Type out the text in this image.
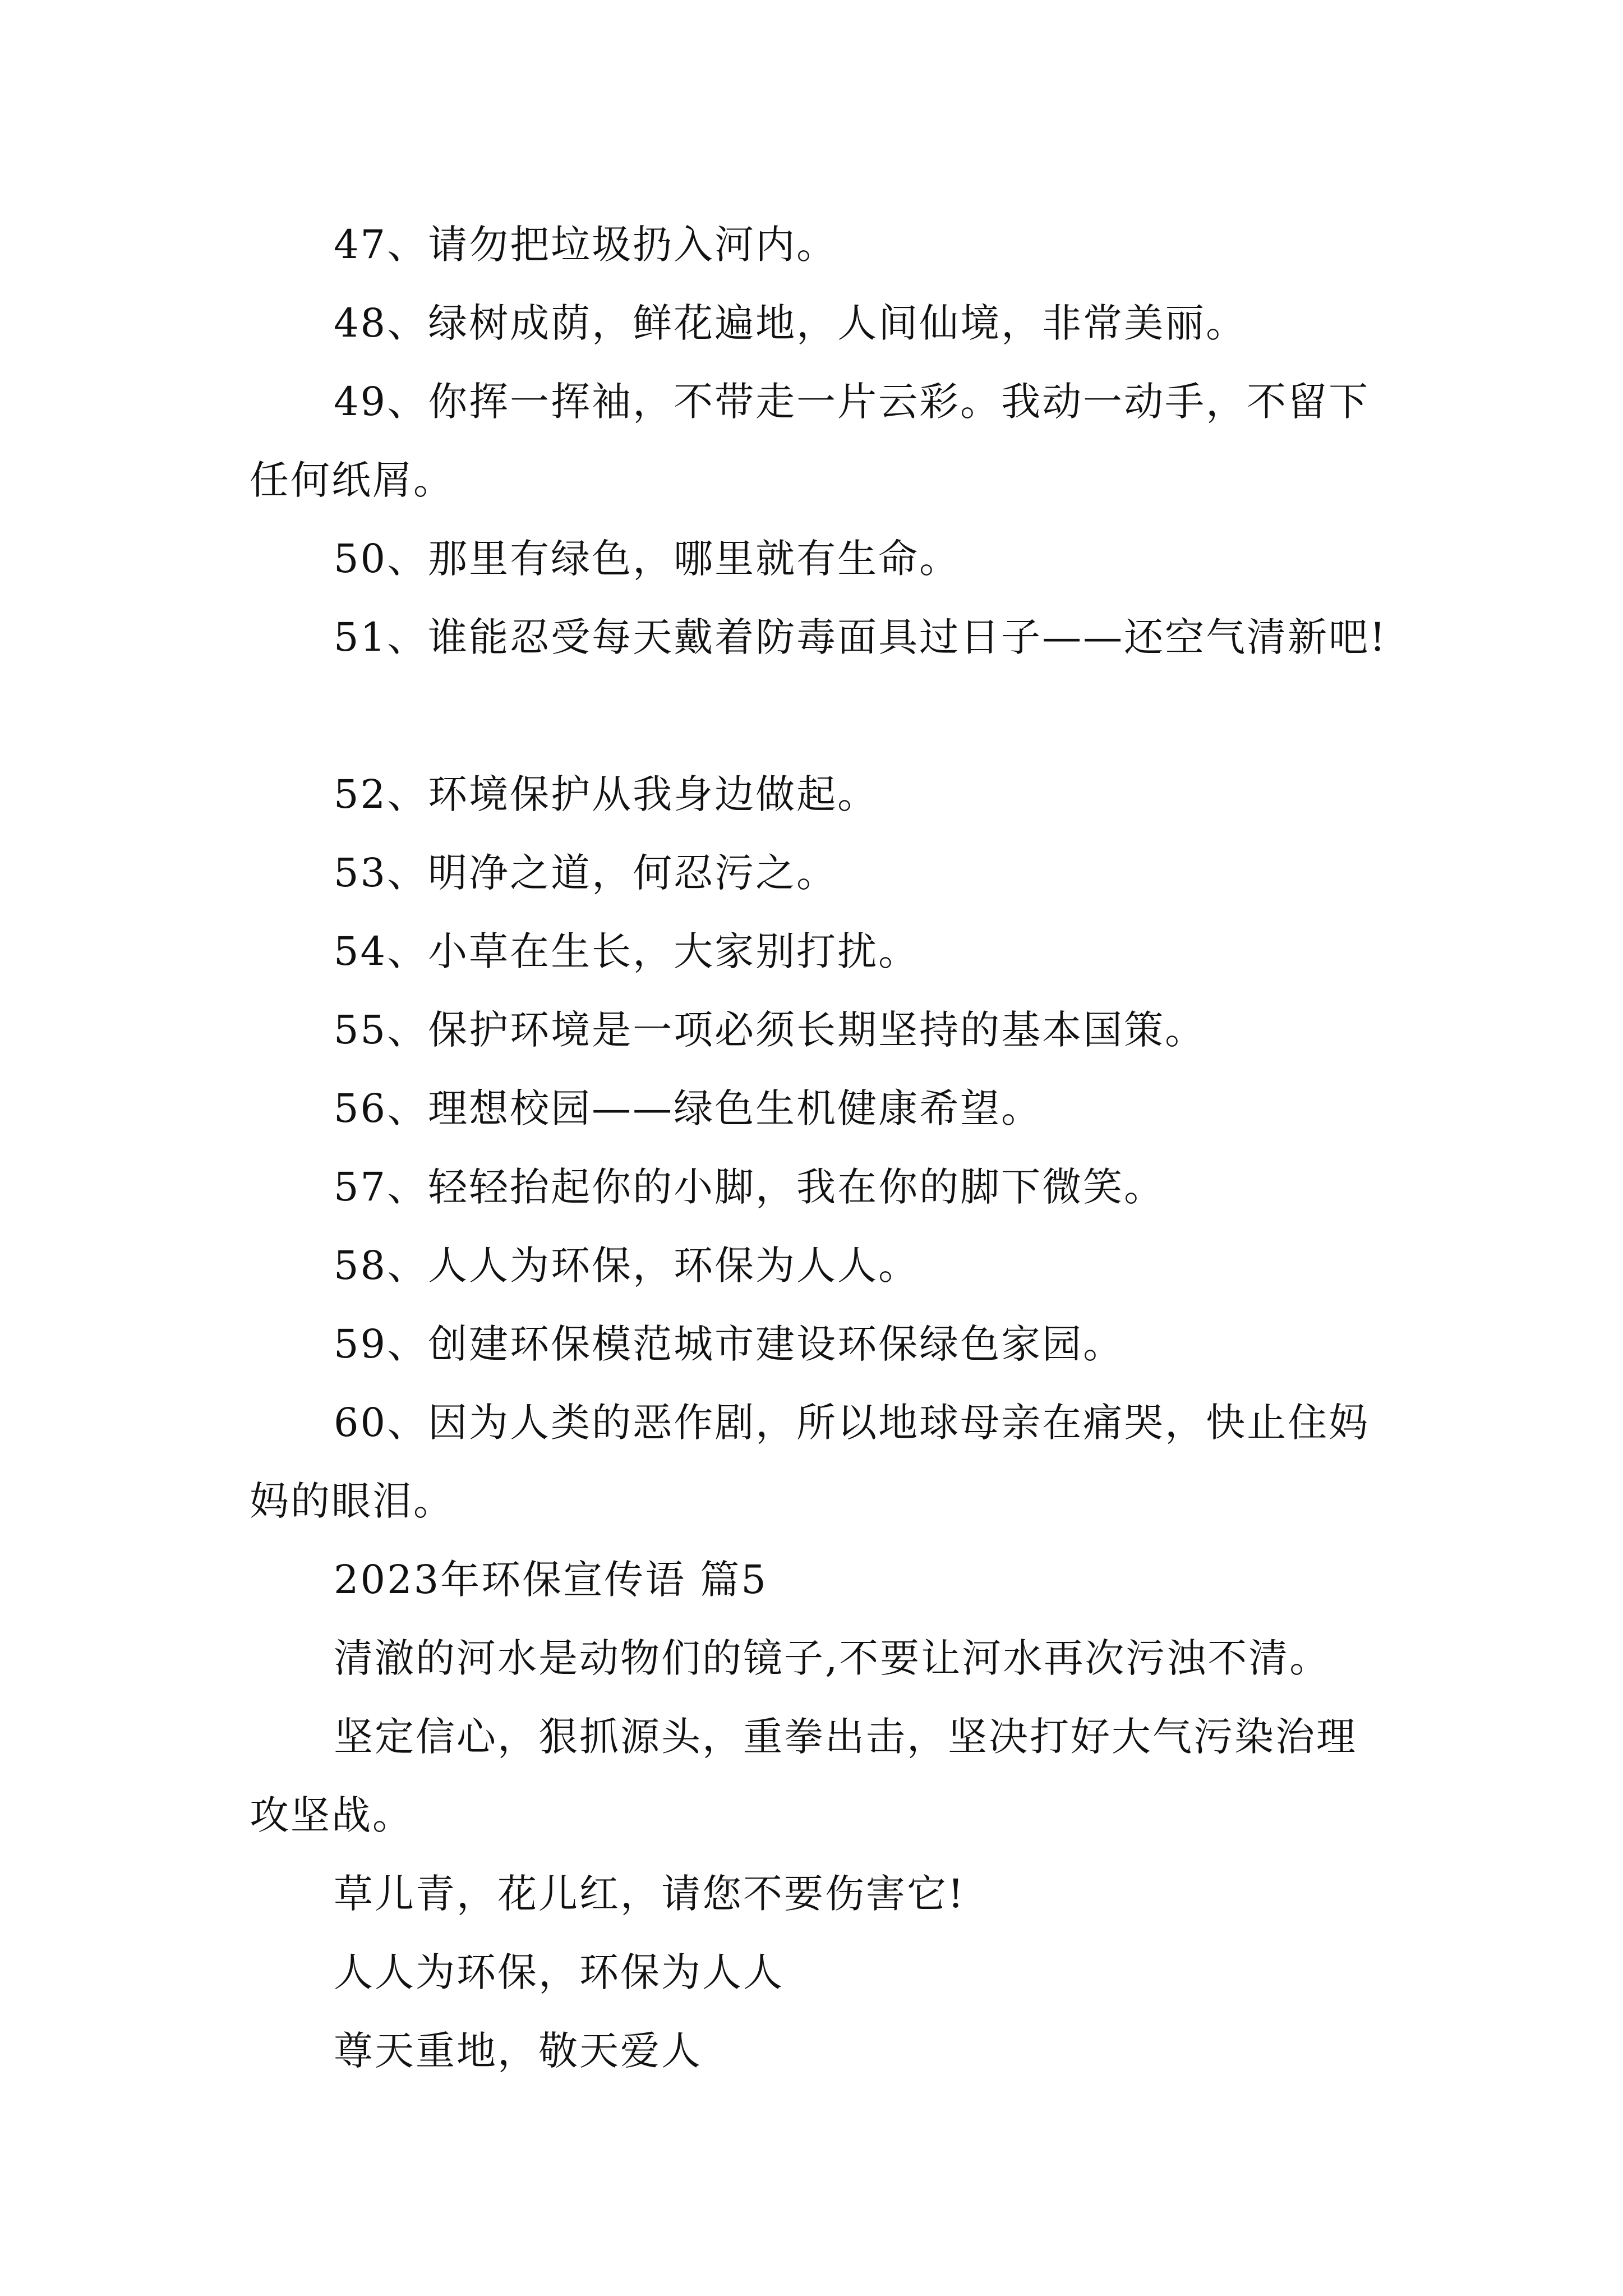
47、请勿把垃圾扔入河内。

48、绿树成荫，鲜花遍地，人间仙境，非常美丽。

49、你挥一挥袖，不带走一片云彩。我动一动手，不留下任何纸屑。

50、那里有绿色，哪里就有生命。

51、谁能忍受每天戴着防毒面具过日子——还空气清新吧!

52、环境保护从我身边做起。

53、明净之道，何忍污之。

54、小草在生长，大家别打扰。

55、保护环境是一项必须长期坚持的基本国策。

56、理想校园——绿色生机健康希望。

57、轻轻抬起你的小脚，我在你的脚下微笑。

58、人人为环保，环保为人人。

59、创建环保模范城市建设环保绿色家园。

60、因为人类的恶作剧，所以地球母亲在痛哭，快止住妈妈的眼泪。

2023年环保宣传语 篇5

清澈的河水是动物们的镜子,不要让河水再次污浊不清。

坚定信心，狠抓源头，重拳出击，坚决打好大气污染治理攻坚战。

草儿青，花儿红，请您不要伤害它!

人人为环保，环保为人人

尊天重地，敬天爱人
